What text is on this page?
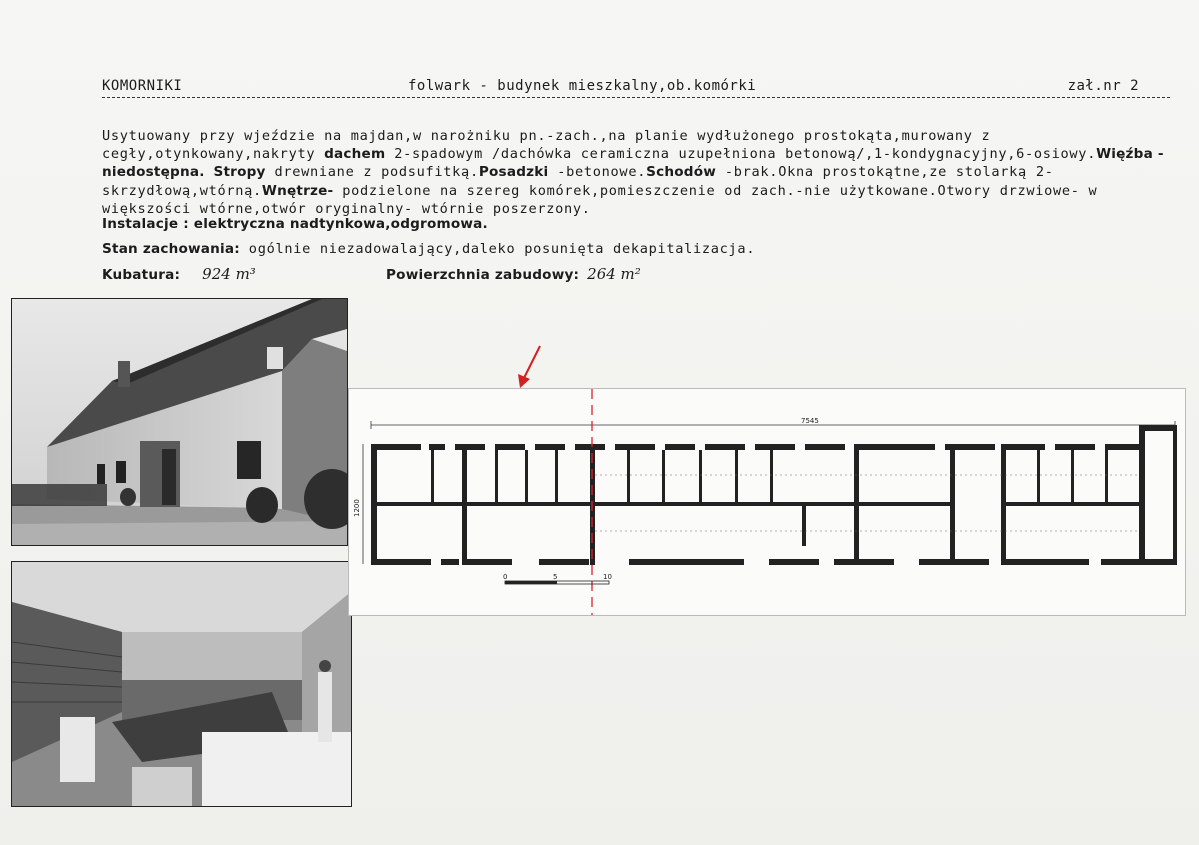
KOMORNIKI	folwark - budynek mieszkalny,ob.komórki	zał.nr 2
Usytuowany przy wjeździe na majdan,w narożniku pn.-zach.,na planie wydłużonego prostokąta,murowany z cegły,otynkowany,nakryty dachem 2-spadowym /dachówka ceramiczna uzupełniona betonową/,1-kondygnacyjny,6-osiowy.Więźba - niedostępna. Stropy drewniane z podsufitką.Posadzki -betonowe.Schodów -brak.Okna prostokątne,ze stolarką 2-skrzydłową,wtórną.Wnętrze- podzielone na szereg komórek,pomieszczenie od zach.-nie użytkowane.Otwory drzwiowe- w większości wtórne,otwór oryginalny- wtórnie poszerzony.
Instalacje : elektryczna nadtynkowa,odgromowa.
Stan zachowania: ogólnie niezadowalający,daleko posunięta dekapitalizacja.
Kubatura: 924 m³	Powierzchnia zabudowy: 264 m²
7545
1200
0	5	10
